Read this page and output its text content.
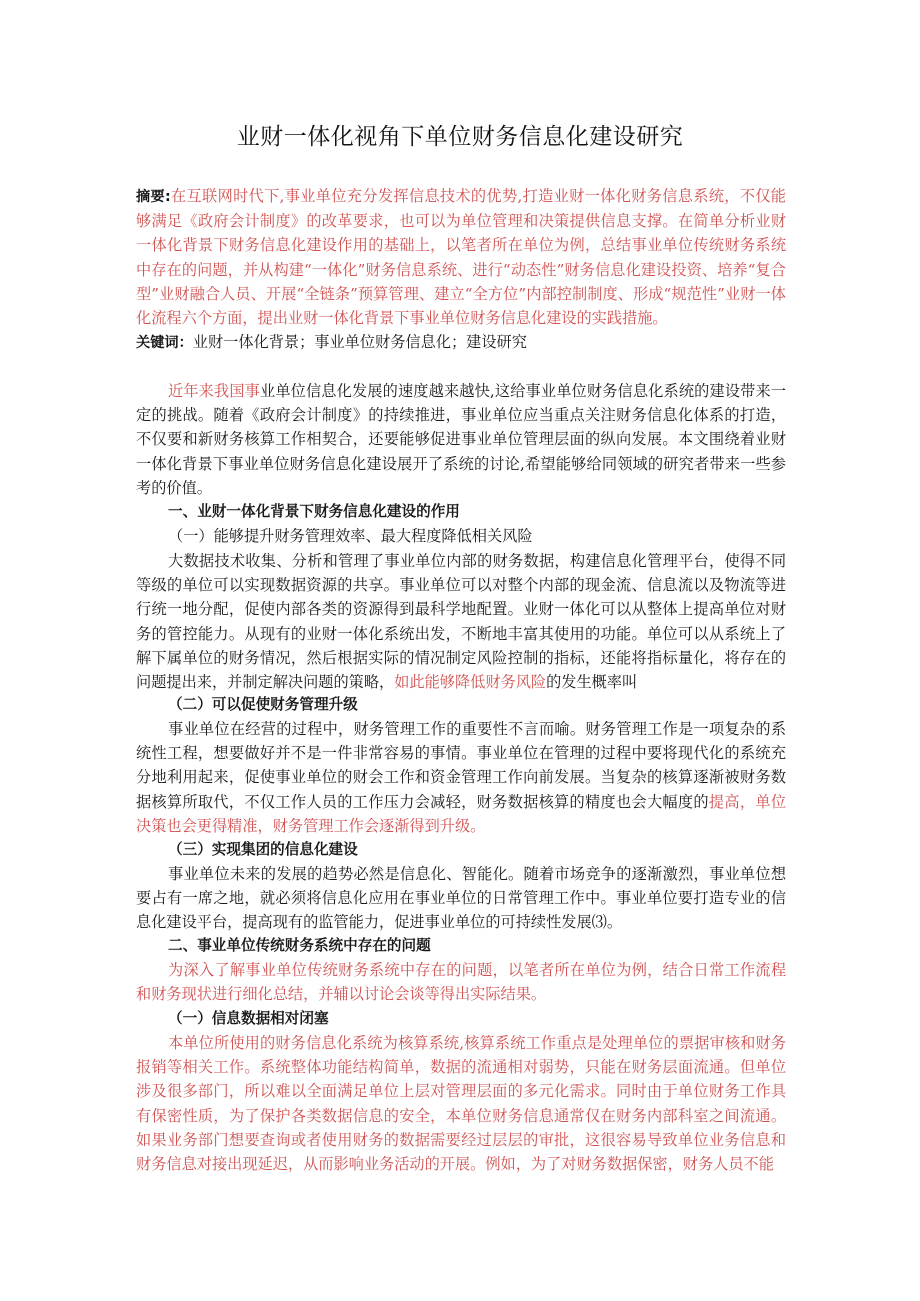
业财一体化视角下单位财务信息化建设研究

摘要:在互联网时代下,事业单位充分发挥信息技术的优势,打造业财一体化财务信息系统，不仅能够满足《政府会计制度》的改革要求，也可以为单位管理和决策提供信息支撑。在简单分析业财一体化背景下财务信息化建设作用的基础上，以笔者所在单位为例，总结事业单位传统财务系统中存在的问题，并从构建“一体化”财务信息系统、进行“动态性”财务信息化建设投资、培养“复合型”业财融合人员、开展“全链条”预算管理、建立“全方位”内部控制制度、形成“规范性”业财一体化流程六个方面，提出业财一体化背景下事业单位财务信息化建设的实践措施。

关键词：业财一体化背景；事业单位财务信息化；建设研究

近年来我国事业单位信息化发展的速度越来越快,这给事业单位财务信息化系统的建设带来一定的挑战。随着《政府会计制度》的持续推进，事业单位应当重点关注财务信息化体系的打造，不仅要和新财务核算工作相契合，还要能够促进事业单位管理层面的纵向发展。本文围绕着业财一体化背景下事业单位财务信息化建设展开了系统的讨论,希望能够给同领域的研究者带来一些参考的价值。

一、业财一体化背景下财务信息化建设的作用
（一）能够提升财务管理效率、最大程度降低相关风险

大数据技术收集、分析和管理了事业单位内部的财务数据，构建信息化管理平台，使得不同等级的单位可以实现数据资源的共享。事业单位可以对整个内部的现金流、信息流以及物流等进行统一地分配，促使内部各类的资源得到最科学地配置。业财一体化可以从整体上提高单位对财务的管控能力。从现有的业财一体化系统出发，不断地丰富其使用的功能。单位可以从系统上了解下属单位的财务情况，然后根据实际的情况制定风险控制的指标，还能将指标量化，将存在的问题提出来，并制定解决问题的策略，如此能够降低财务风险的发生概率叫

（二）可以促使财务管理升级

事业单位在经营的过程中，财务管理工作的重要性不言而喻。财务管理工作是一项复杂的系统性工程，想要做好并不是一件非常容易的事情。事业单位在管理的过程中要将现代化的系统充分地利用起来，促使事业单位的财会工作和资金管理工作向前发展。当复杂的核算逐渐被财务数据核算所取代，不仅工作人员的工作压力会减轻，财务数据核算的精度也会大幅度的提高，单位决策也会更得精准，财务管理工作会逐渐得到升级。

（三）实现集团的信息化建设

事业单位未来的发展的趋势必然是信息化、智能化。随着市场竞争的逐渐激烈，事业单位想要占有一席之地，就必须将信息化应用在事业单位的日常管理工作中。事业单位要打造专业的信息化建设平台，提高现有的监管能力，促进事业单位的可持续性发展⑶。

二、事业单位传统财务系统中存在的问题

为深入了解事业单位传统财务系统中存在的问题，以笔者所在单位为例，结合日常工作流程和财务现状进行细化总结，并辅以讨论会谈等得出实际结果。

（一）信息数据相对闭塞

本单位所使用的财务信息化系统为核算系统,核算系统工作重点是处理单位的票据审核和财务报销等相关工作。系统整体功能结构简单，数据的流通相对弱势，只能在财务层面流通。但单位涉及很多部门，所以难以全面满足单位上层对管理层面的多元化需求。同时由于单位财务工作具有保密性质，为了保护各类数据信息的安全，本单位财务信息通常仅在财务内部科室之间流通。如果业务部门想要查询或者使用财务的数据需要经过层层的审批，这很容易导致单位业务信息和财务信息对接出现延迟，从而影响业务活动的开展。例如，为了对财务数据保密，财务人员不能
